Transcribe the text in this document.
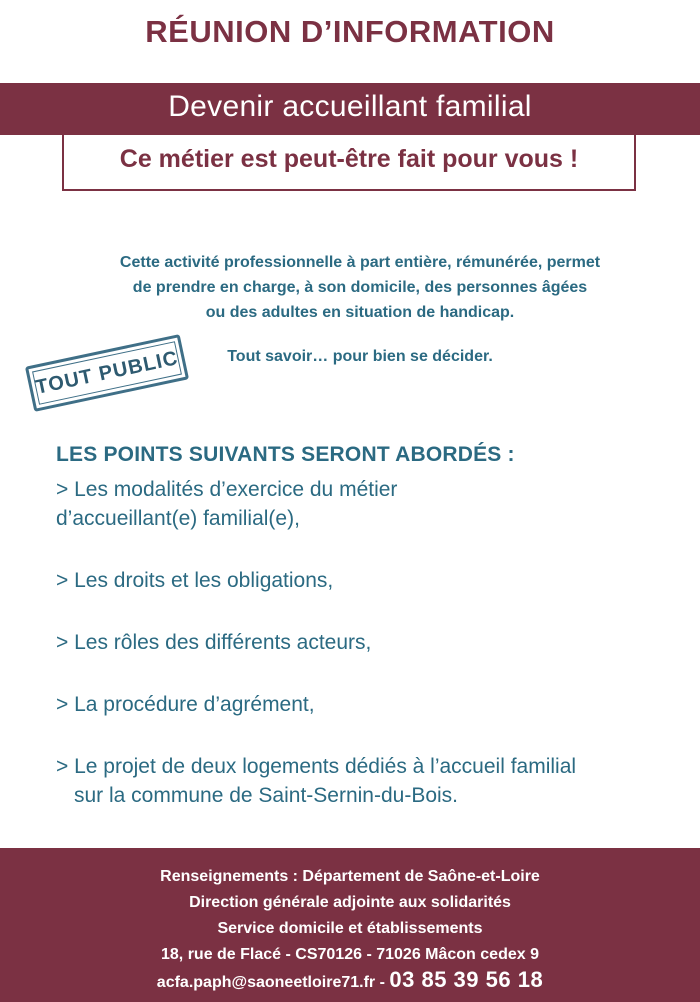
RÉUNION D’INFORMATION
Devenir accueillant familial
Ce métier est peut-être fait pour vous !
Cette activité professionnelle à part entière, rémunérée, permet
de prendre en charge, à son domicile, des personnes âgées
ou des adultes en situation de handicap.
TOUT PUBLIC	Tout savoir… pour bien se décider.
LES POINTS SUIVANTS SERONT ABORDÉS :
> Les modalités d’exercice du métier
d’accueillant(e) familial(e),
> Les droits et les obligations,
> Les rôles des différents acteurs,
> La procédure d’agrément,
> Le projet de deux logements dédiés à l’accueil familial
sur la commune de Saint-Sernin-du-Bois.
Renseignements : Département de Saône-et-Loire
Direction générale adjointe aux solidarités
Service domicile et établissements
18, rue de Flacé - CS70126 - 71026 Mâcon cedex 9
acfa.paph@saoneetloire71.fr - 03 85 39 56 18
